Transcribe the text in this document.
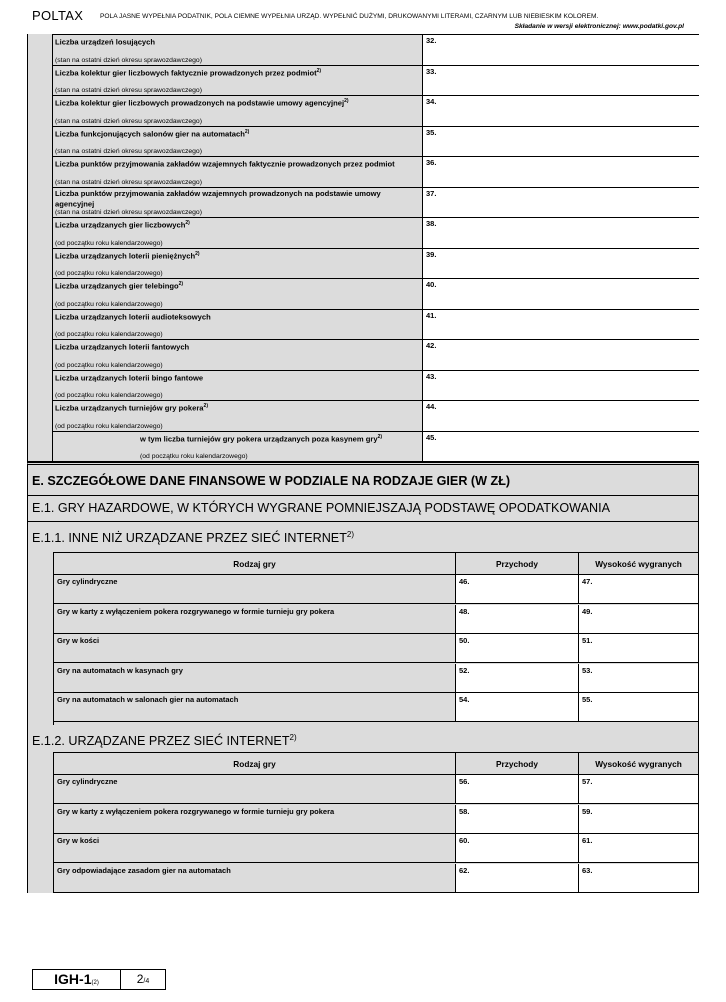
POLTAX	POLA JASNE WYPEŁNIA PODATNIK, POLA CIEMNE WYPEŁNIA URZĄD. WYPEŁNIĆ DUŻYMI, DRUKOWANYMI LITERAMI, CZARNYM LUB NIEBIESKIM KOLOREM.
Składanie w wersji elektronicznej: www.podatki.gov.pl
Liczba urządzeń losujących
(stan na ostatni dzień okresu sprawozdawczego)
32.
Liczba kolektur gier liczbowych faktycznie prowadzonych przez podmiot$^{2)}$
(stan na ostatni dzień okresu sprawozdawczego)
33.
Liczba kolektur gier liczbowych prowadzonych na podstawie umowy agencyjnej$^{2)}$
(stan na ostatni dzień okresu sprawozdawczego)
34.
Liczba funkcjonujących salonów gier na automatach$^{2)}$
(stan na ostatni dzień okresu sprawozdawczego)
35.
Liczba punktów przyjmowania zakładów wzajemnych faktycznie prowadzonych przez podmiot
(stan na ostatni dzień okresu sprawozdawczego)
36.
Liczba punktów przyjmowania zakładów wzajemnych prowadzonych na podstawie umowy agencyjnej
(stan na ostatni dzień okresu sprawozdawczego)
37.
Liczba urządzanych gier liczbowych$^{2)}$
(od początku roku kalendarzowego)
38.
Liczba urządzanych loterii pieniężnych$^{2)}$
(od początku roku kalendarzowego)
39.
Liczba urządzanych gier telebingo$^{2)}$
(od początku roku kalendarzowego)
40.
Liczba urządzanych loterii audioteksowych
(od początku roku kalendarzowego)
41.
Liczba urządzanych loterii fantowych
(od początku roku kalendarzowego)
42.
Liczba urządzanych loterii bingo fantowe
(od początku roku kalendarzowego)
43.
Liczba urządzanych turniejów gry pokera$^{2)}$
(od początku roku kalendarzowego)
44.
w tym liczba turniejów gry pokera urządzanych poza kasynem gry$^{2)}$
(od początku roku kalendarzowego)
45.
E. SZCZEGÓŁOWE DANE FINANSOWE W PODZIALE NA RODZAJE GIER (W ZŁ)
E.1. GRY HAZARDOWE, W KTÓRYCH WYGRANE POMNIEJSZAJĄ PODSTAWĘ OPODATKOWANIA
E.1.1. INNE NIŻ URZĄDZANE PRZEZ SIEĆ INTERNET$^{2)}$
Rodzaj gry	Przychody	Wysokość wygranych
Gry cylindryczne	46.	47.
Gry w karty z wyłączeniem pokera rozgrywanego w formie turnieju gry pokera	48.	49.
Gry w kości	50.	51.
Gry na automatach w kasynach gry	52.	53.
Gry na automatach w salonach gier na automatach	54.	55.
E.1.2. URZĄDZANE PRZEZ SIEĆ INTERNET$^{2)}$
Rodzaj gry	Przychody	Wysokość wygranych
Gry cylindryczne	56.	57.
Gry w karty z wyłączeniem pokera rozgrywanego w formie turnieju gry pokera	58.	59.
Gry w kości	60.	61.
Gry odpowiadające zasadom gier na automatach	62.	63.
IGH-1(2)	2/4
